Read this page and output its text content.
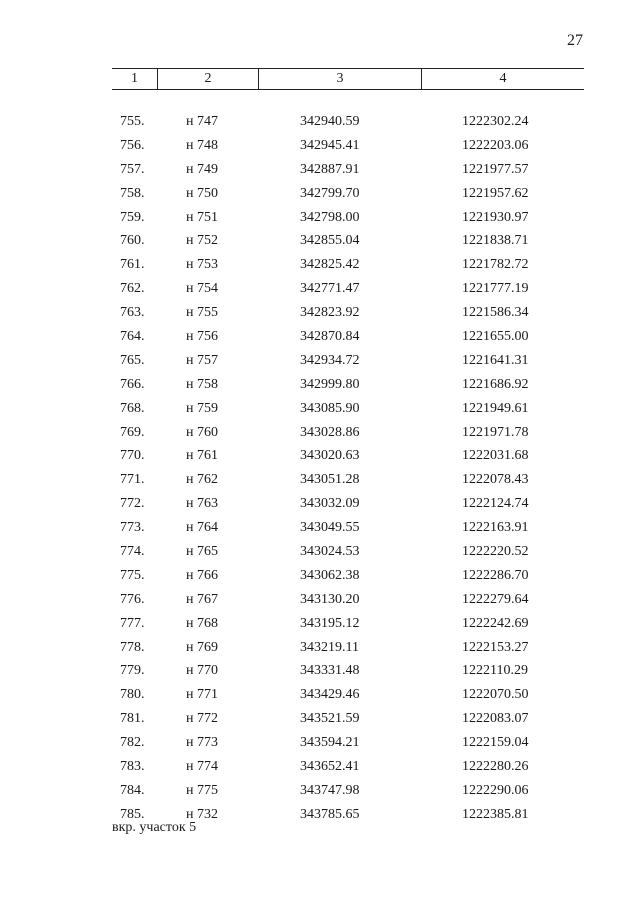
27
1	2	3	4
755.	н 747	342940.59	1222302.24
756.	н 748	342945.41	1222203.06
757.	н 749	342887.91	1221977.57
758.	н 750	342799.70	1221957.62
759.	н 751	342798.00	1221930.97
760.	н 752	342855.04	1221838.71
761.	н 753	342825.42	1221782.72
762.	н 754	342771.47	1221777.19
763.	н 755	342823.92	1221586.34
764.	н 756	342870.84	1221655.00
765.	н 757	342934.72	1221641.31
766.	н 758	342999.80	1221686.92
768.	н 759	343085.90	1221949.61
769.	н 760	343028.86	1221971.78
770.	н 761	343020.63	1222031.68
771.	н 762	343051.28	1222078.43
772.	н 763	343032.09	1222124.74
773.	н 764	343049.55	1222163.91
774.	н 765	343024.53	1222220.52
775.	н 766	343062.38	1222286.70
776.	н 767	343130.20	1222279.64
777.	н 768	343195.12	1222242.69
778.	н 769	343219.11	1222153.27
779.	н 770	343331.48	1222110.29
780.	н 771	343429.46	1222070.50
781.	н 772	343521.59	1222083.07
782.	н 773	343594.21	1222159.04
783.	н 774	343652.41	1222280.26
784.	н 775	343747.98	1222290.06
785.	н 732	343785.65	1222385.81
вкр. участок 5
